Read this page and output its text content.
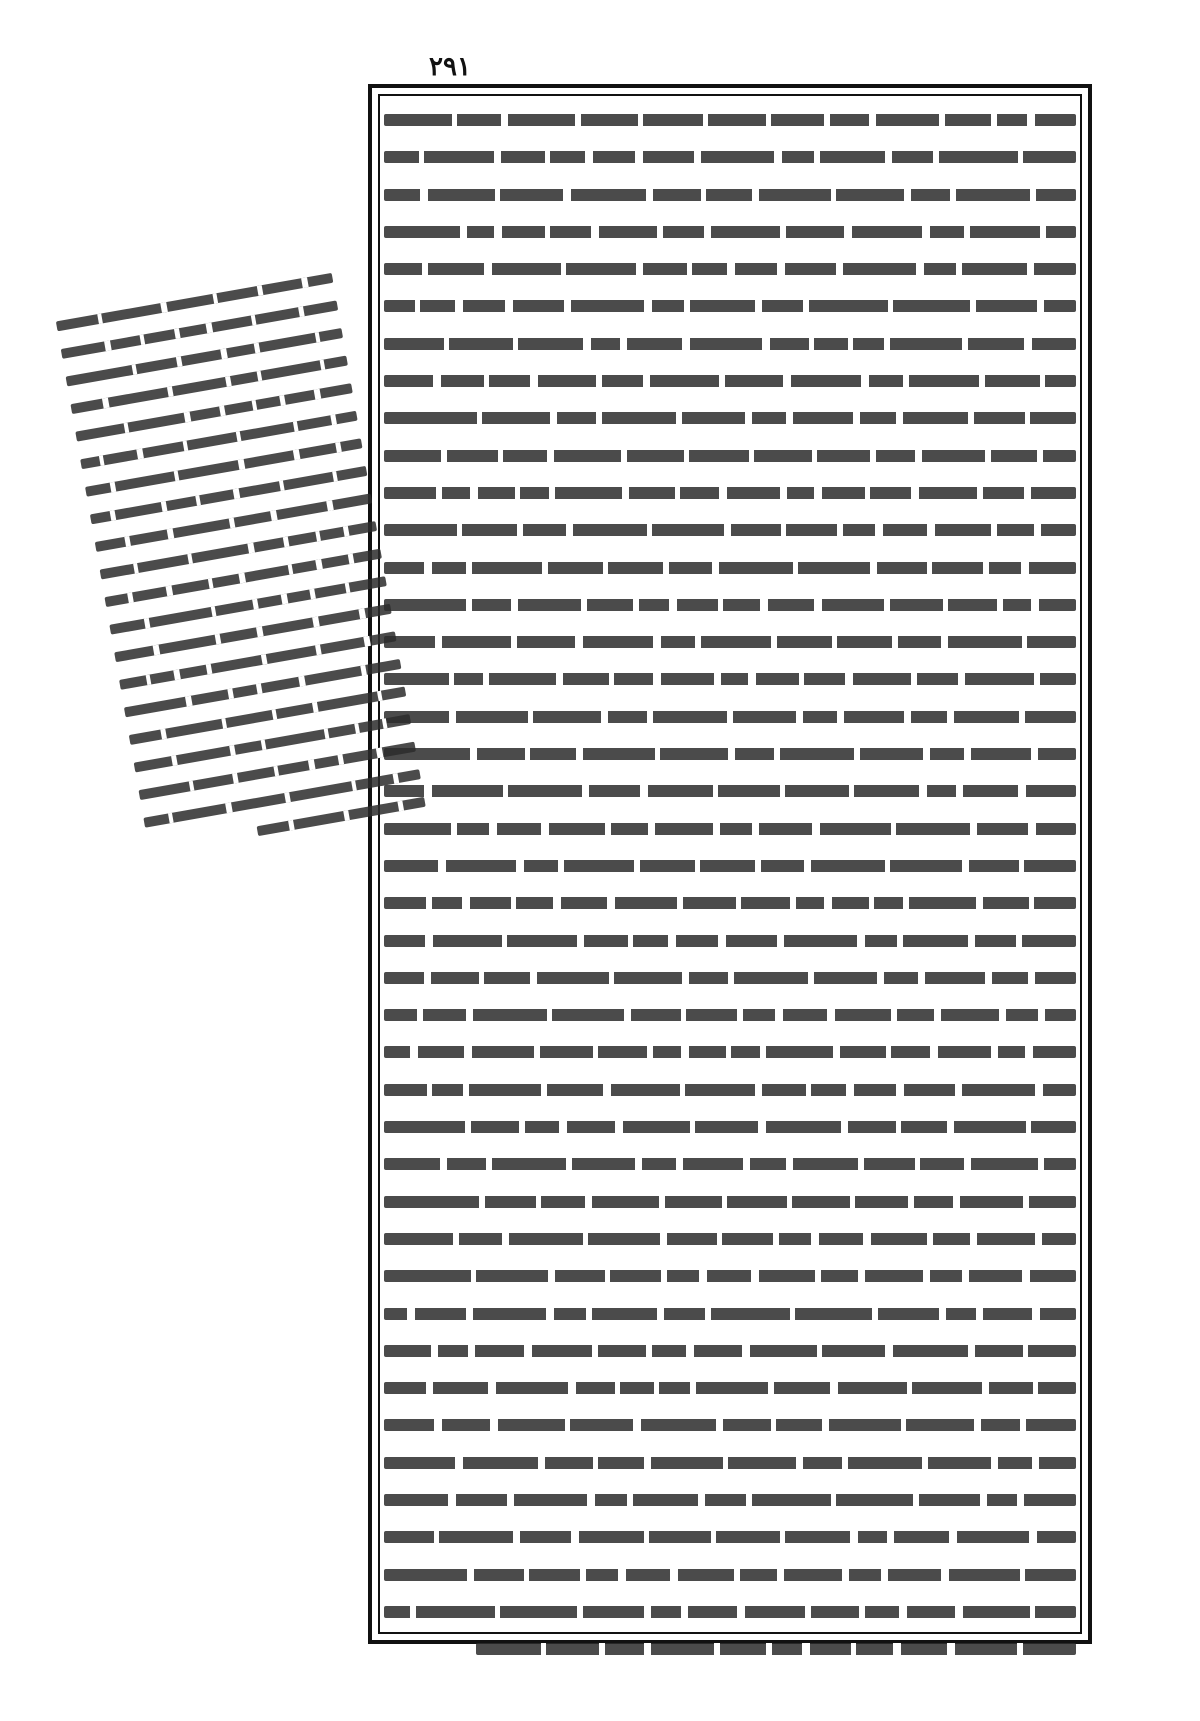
٢٩١
